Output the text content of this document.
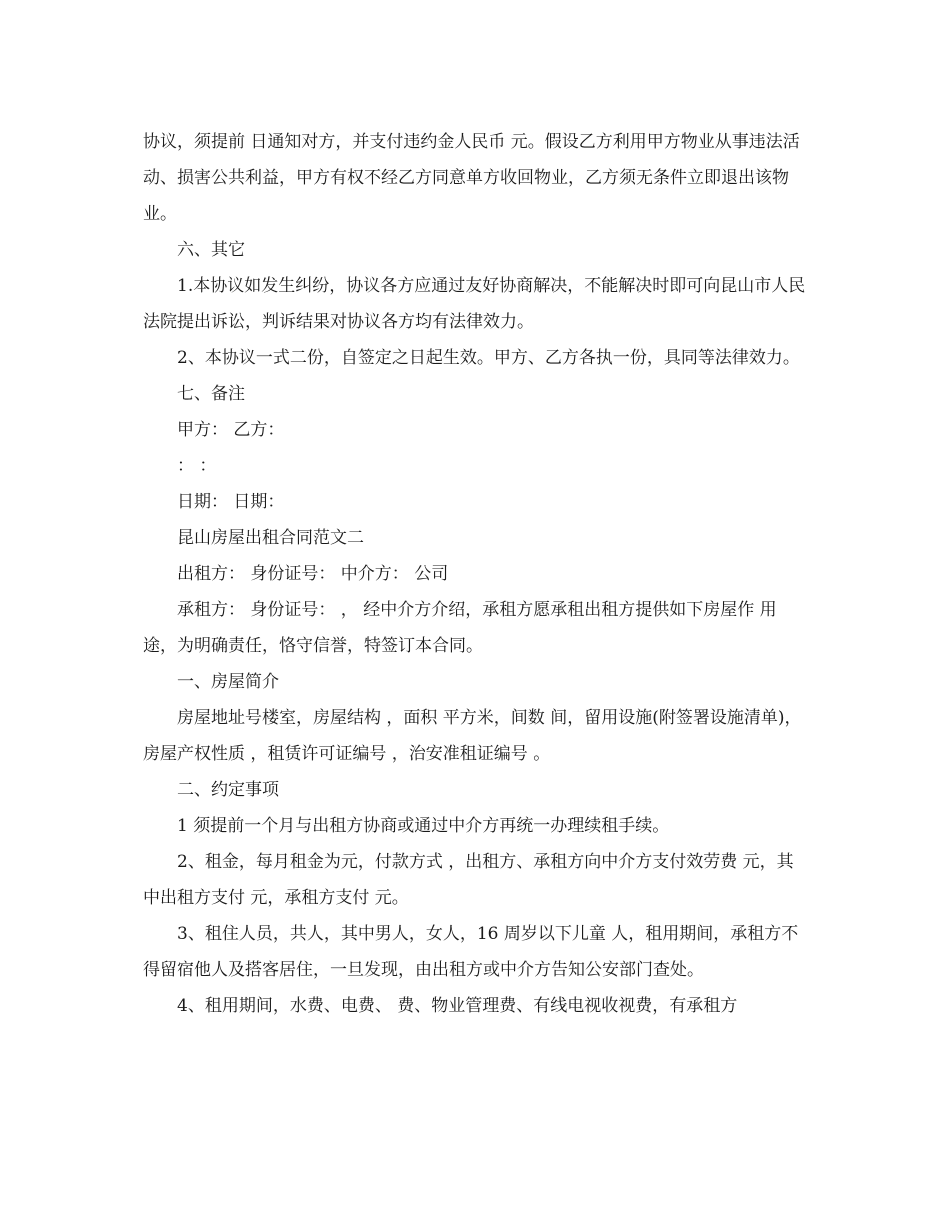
协议，须提前 日通知对方，并支付违约金人民币 元。假设乙方利用甲方物业从事违法活动、损害公共利益，甲方有权不经乙方同意单方收回物业，乙方须无条件立即退出该物业。

六、其它

1.本协议如发生纠纷，协议各方应通过友好协商解决，不能解决时即可向昆山市人民法院提出诉讼，判诉结果对协议各方均有法律效力。

2、本协议一式二份，自签定之日起生效。甲方、乙方各执一份，具同等法律效力。

七、备注

甲方： 乙方：

： ：

日期： 日期：

昆山房屋出租合同范文二

出租方： 身份证号： 中介方： 公司

承租方： 身份证号： ， 经中介方介绍，承租方愿承租出租方提供如下房屋作 用途，为明确责任，恪守信誉，特签订本合同。

一、房屋简介

房屋地址号楼室，房屋结构 ，面积 平方米，间数 间，留用设施(附签署设施清单)， 房屋产权性质 ，租赁许可证编号 ，治安准租证编号 。

二、约定事项

1 须提前一个月与出租方协商或通过中介方再统一办理续租手续。

2、租金，每月租金为元，付款方式 ，出租方、承租方向中介方支付效劳费 元，其中出租方支付 元，承租方支付 元。

3、租住人员，共人，其中男人，女人，16 周岁以下儿童 人，租用期间，承租方不得留宿他人及搭客居住，一旦发现，由出租方或中介方告知公安部门查处。

4、租用期间，水费、电费、 费、物业管理费、有线电视收视费，有承租方
